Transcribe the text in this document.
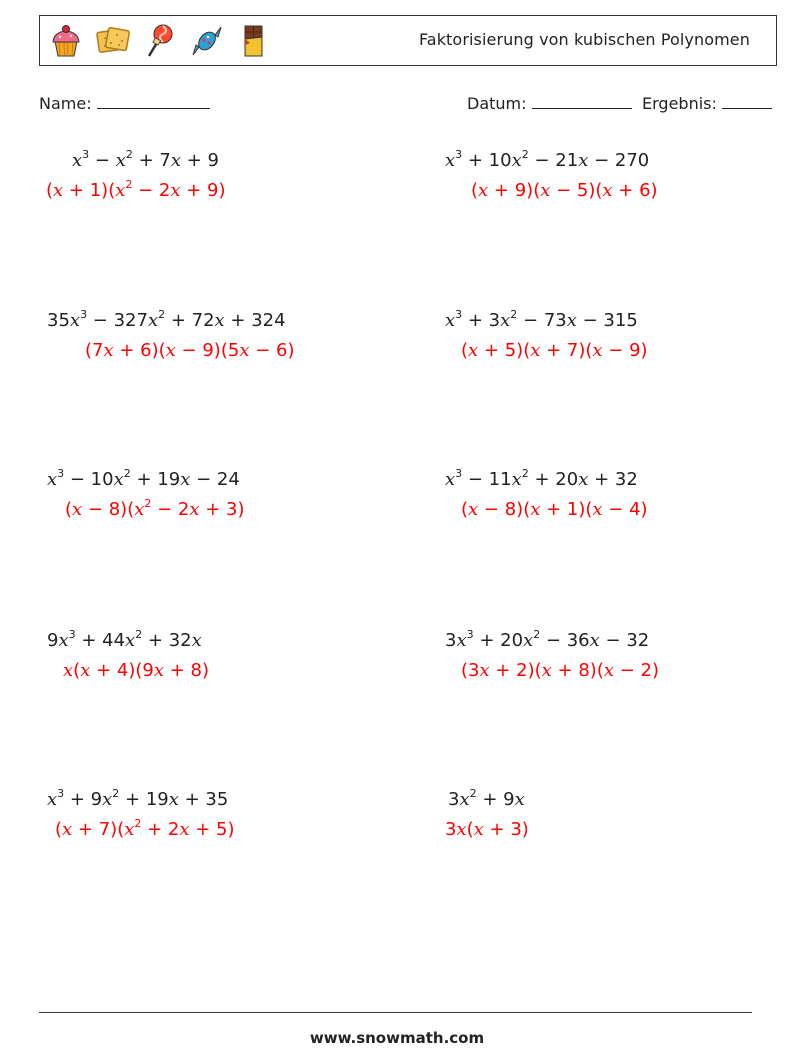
Faktorisierung von kubischen Polynomen
Name:	Datum:	Ergebnis:
$x^3 - x^2 + 7x + 9$
$(x + 1)(x^2 - 2x + 9)$
$x^3 + 10x^2 - 21x - 270$
(x + 9)(x − 5)(x + 6)
$35x^3 - 327x^2 + 72x + 324$
(7x + 6)(x − 9)(5x − 6)
$x^3 + 3x^2 - 73x - 315$
(x + 5)(x + 7)(x − 9)
$x^3 - 10x^2 + 19x - 24$
$(x - 8)(x^2 - 2x + 3)$
$x^3 - 11x^2 + 20x + 32$
(x − 8)(x + 1)(x − 4)
$9x^3 + 44x^2 + 32x$
x(x + 4)(9x + 8)
$3x^3 + 20x^2 - 36x - 32$
(3x + 2)(x + 8)(x − 2)
$x^3 + 9x^2 + 19x + 35$
$(x + 7)(x^2 + 2x + 5)$
$3x^2 + 9x$
3x(x + 3)
www.snowmath.com
